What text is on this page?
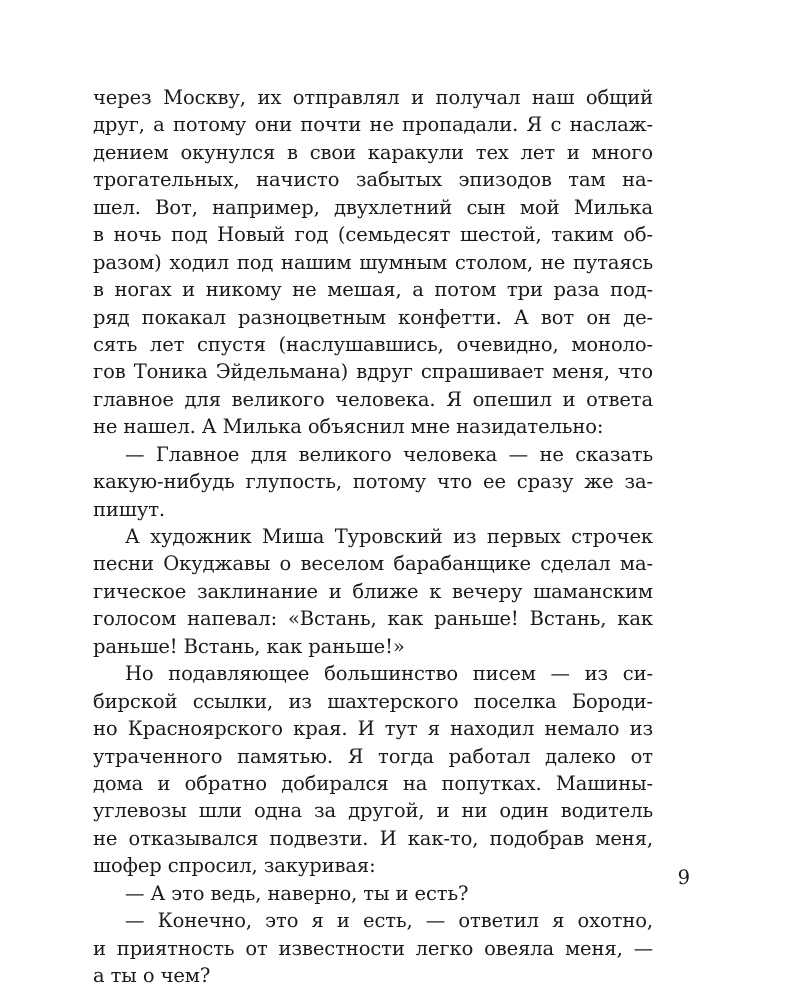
через Москву, их отправлял и получал наш общий
друг, а потому они почти не пропадали. Я с наслаж-
дением окунулся в свои каракули тех лет и много
трогательных, начисто забытых эпизодов там на-
шел. Вот, например, двухлетний сын мой Милька
в ночь под Новый год (семьдесят шестой, таким об-
разом) ходил под нашим шумным столом, не путаясь
в ногах и никому не мешая, а потом три раза под-
ряд покакал разноцветным конфетти. А вот он де-
сять лет спустя (наслушавшись, очевидно, моноло-
гов Тоника Эйдельмана) вдруг спрашивает меня, что
главное для великого человека. Я опешил и ответа
не нашел. А Милька объяснил мне назидательно:
— Главное для великого человека — не сказать
какую-нибудь глупость, потому что ее сразу же за-
пишут.
А художник Миша Туровский из первых строчек
песни Окуджавы о веселом барабанщике сделал ма-
гическое заклинание и ближе к вечеру шаманским
голосом напевал: «Встань, как раньше! Встань, как
раньше! Встань, как раньше!»
Но подавляющее большинство писем — из си-
бирской ссылки, из шахтерского поселка Бороди-
но Красноярского края. И тут я находил немало из
утраченного памятью. Я тогда работал далеко от
дома и обратно добирался на попутках. Машины-
углевозы шли одна за другой, и ни один водитель
не отказывался подвезти. И как-то, подобрав меня,
шофер спросил, закуривая:
— А это ведь, наверно, ты и есть?
— Конечно, это я и есть, — ответил я охотно,
и приятность от известности легко овеяла меня, —
а ты о чем?
9
